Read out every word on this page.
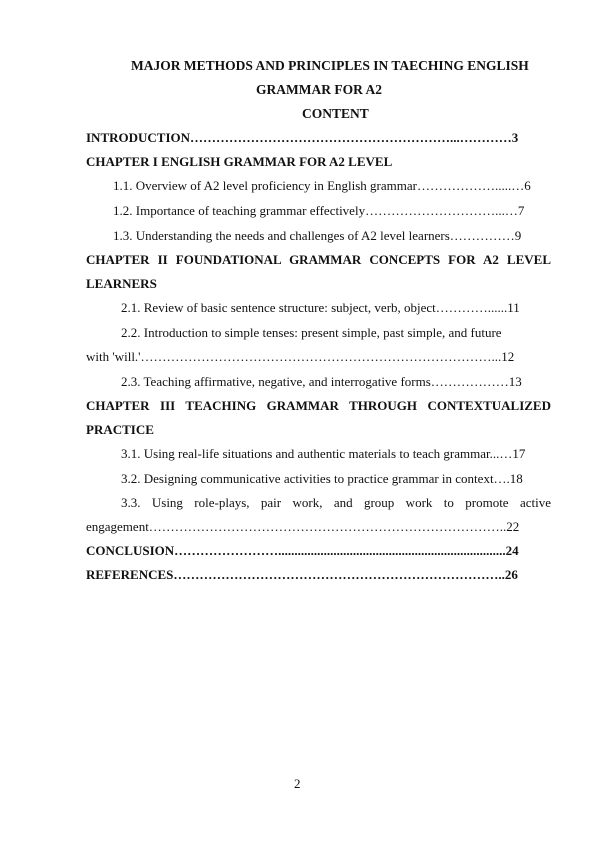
MAJOR METHODS AND PRINCIPLES IN TAECHING ENGLISH
GRAMMAR FOR A2
CONTENT
INTRODUCTION……………………………………………………...…………3
CHAPTER I ENGLISH GRAMMAR FOR A2 LEVEL
1.1. Overview of A2 level proficiency in English grammar……………….....…6
1.2. Importance of teaching grammar effectively…………………………...…7
1.3. Understanding the needs and challenges of A2 level learners……………9
CHAPTER II FOUNDATIONAL GRAMMAR CONCEPTS FOR A2 LEVEL
LEARNERS
2.1. Review of basic sentence structure: subject, verb, object…………......11
2.2. Introduction to simple tenses: present simple, past simple, and future
with 'will.'………………………………………………………………………...12
2.3. Teaching affirmative, negative, and interrogative forms………………13
CHAPTER III TEACHING GRAMMAR THROUGH CONTEXTUALIZED
PRACTICE
3.1. Using real-life situations and authentic materials to teach grammar...…17
3.2. Designing communicative activities to practice grammar in context….18
3.3. Using role-plays, pair work, and group work to promote active
engagement………………………………………………………………………..22
CONCLUSION……………………......................................................................24
REFERENCES…………………………………………………………………..26
2
